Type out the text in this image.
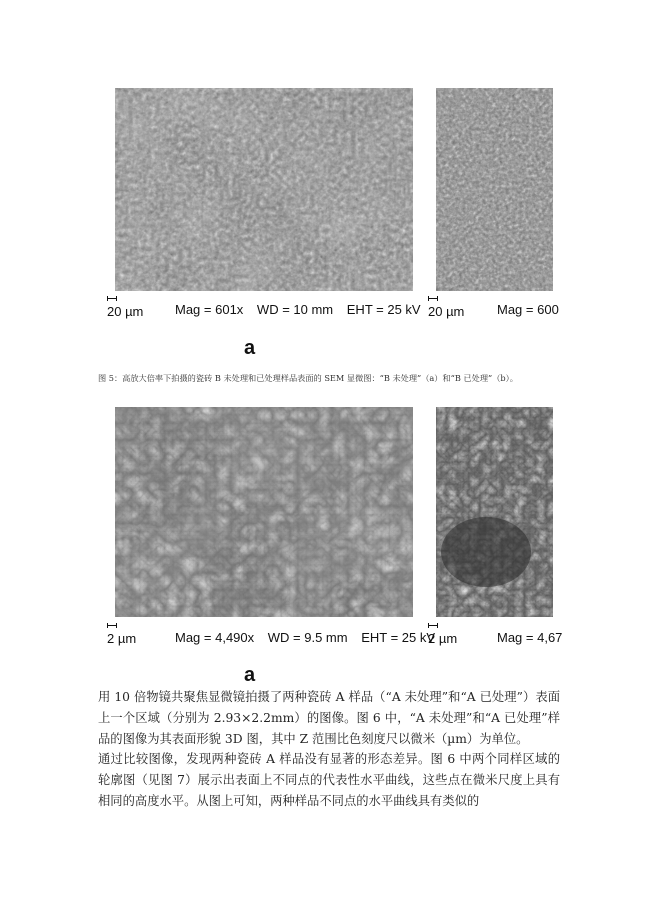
20 µm Mag = 601x WD = 10 mm EHT = 25 kV 20 µm	Mag = 600
a
图 5：高放大倍率下拍摄的瓷砖 B 未处理和已处理样品表面的 SEM 显微图：“B 未处理”（a）和“B 已处理”（b）。
2 µm	Mag = 4,490x WD = 9.5 mm EHT = 25 kV
2 µm	Mag = 4,67
a
用 10 倍物镜共聚焦显微镜拍摄了两种瓷砖 A 样品（“A 未处理”和“A 已处理”）表面上一个区域（分别为 2.93×2.2mm）的图像。图 6 中，“A 未处理”和“A 已处理”样品的图像为其表面形貌 3D 图，其中 Z 范围比色刻度尺以微米（µm）为单位。
通过比较图像，发现两种瓷砖 A 样品没有显著的形态差异。图 6 中两个同样区域的轮廓图（见图 7）展示出表面上不同点的代表性水平曲线，这些点在微米尺度上具有相同的高度水平。从图上可知，两种样品不同点的水平曲线具有类似的
